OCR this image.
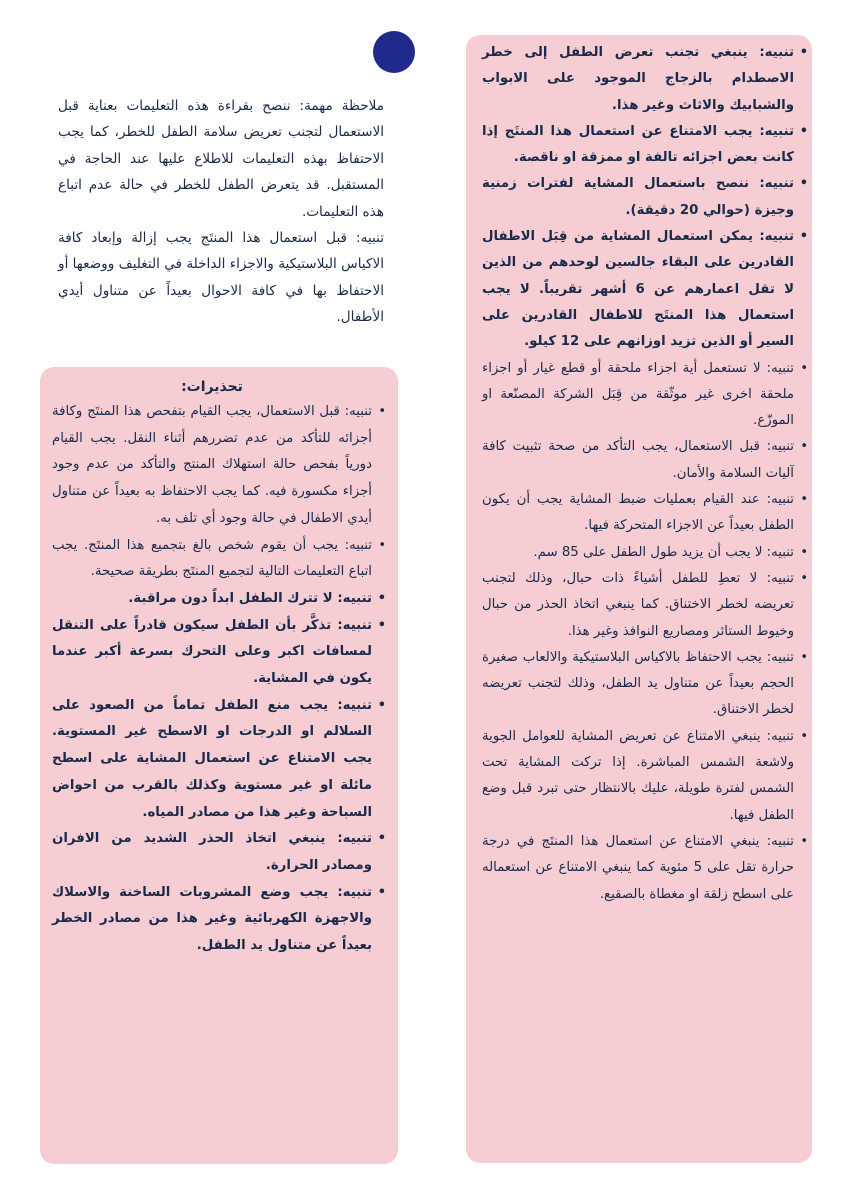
ملاحظة مهمة: ننصح بقراءة هذه التعليمات بعناية قبل الاستعمال لتجنب تعريض سلامة الطفل للخطر، كما يجب الاحتفاظ بهذه التعليمات للاطلاع عليها عند الحاجة في المستقبل. قد يتعرض الطفل للخطر في حالة عدم اتباع هذه التعليمات.

تنبيه: قبل استعمال هذا المنتَج يجب إزالة وإبعاد كافة الاكياس البلاستيكية والاجزاء الداخلة في التغليف ووضعها أو الاحتفاظ بها في كافة الاحوال بعيداً عن متناول أيدي الأطفال.

تحذيرات:
• تنبيه: قبل الاستعمال، يجب القيام بتفحص هذا المنتَج وكافة أجزائه للتأكد من عدم تضررهم أثناء النقل. يجب القيام دورياً بفحص حالة استهلاك المنتج والتأكد من عدم وجود أجزاء مكسورة فيه. كما يجب الاحتفاظ به بعيداً عن متناول أيدي الاطفال في حالة وجود أي تلف به.
• تنبيه: يجب أن يقوم شخص بالغ بتجميع هذا المنتَج. يجب اتباع التعليمات التالية لتجميع المنتَج بطريقة صحيحة.
• تنبيه: لا تترك الطفل ابداً دون مراقبة.
• تنبيه: تذكَّر بأن الطفل سيكون قادراً على التنقل لمسافات اكبر وعلى التحرك بسرعة أكبر عندما يكون في المشاية.
• تنبيه: يجب منع الطفل تماماً من الصعود على السلالم او الدرجات او الاسطح غير المستوية. يجب الامتناع عن استعمال المشاية على اسطح مائلة او غير مستوية وكذلك بالقرب من احواض السباحة وغير هذا من مصادر المياه.
• تنبيه: ينبغي اتخاذ الحذر الشديد من الافران ومصادر الحرارة.
• تنبيه: يجب وضع المشروبات الساخنة والاسلاك والاجهزة الكهربائية وغير هذا من مصادر الخطر بعيداً عن متناول يد الطفل.
• تنبيه: ينبغي تجنب تعرض الطفل إلى خطر الاصطدام بالزجاج الموجود على الابواب والشبابيك والاثاث وغير هذا.
• تنبيه: يجب الامتناع عن استعمال هذا المنتَج إذا كانت بعض اجزائه تالفة او ممزقة او ناقصة.
• تنبيه: ننصح باستعمال المشاية لفترات زمنية وجيزة (حوالي 20 دقيقة).
• تنبيه: يمكن استعمال المشاية من قِبَل الاطفال القادرين على البقاء جالسين لوحدهم من الذين لا تقل اعمارهم عن 6 أشهر تقريباً. لا يجب استعمال هذا المنتَج للاطفال القادرين على السير أو الذين تزيد اوزانهم على 12 كيلو.
• تنبيه: لا تستعمل أية اجزاء ملحقة أو قطع غيار أو اجزاء ملحقة اخرى غير موثّقة من قِبَل الشركة المصنّعة او الموزّع.
• تنبيه: قبل الاستعمال، يجب التأكد من صحة تثبيت كافة آليات السلامة والأمان.
• تنبيه: عند القيام بعمليات ضبط المشاية يجب أن يكون الطفل بعيداً عن الاجزاء المتحركة فيها.
• تنبيه: لا يجب أن يزيد طول الطفل على 85 سم.
• تنبيه: لا تعطِ للطفل أشياءً ذات حبال، وذلك لتجنب تعريضه لخطر الاختناق. كما ينبغي اتخاذ الحذر من حبال وخيوط الستائر ومصاريع النوافذ وغير هذا.
• تنبيه: يجب الاحتفاظ بالاكياس البلاستيكية والالعاب صغيرة الحجم بعيداً عن متناول يد الطفل، وذلك لتجنب تعريضه لخطر الاختناق.
• تنبيه: ينبغي الامتناع عن تعريض المشاية للعوامل الجوية ولاشعة الشمس المباشرة. إذا تركت المشاية تحت الشمس لفترة طويلة، عليك بالانتظار حتى تبرد قبل وضع الطفل فيها.
• تنبيه: ينبغي الامتناع عن استعمال هذا المنتَج في درجة حرارة تقل على 5 مئوية كما ينبغي الامتناع عن استعماله على اسطح زلقة او مغطاة بالصقيع.
